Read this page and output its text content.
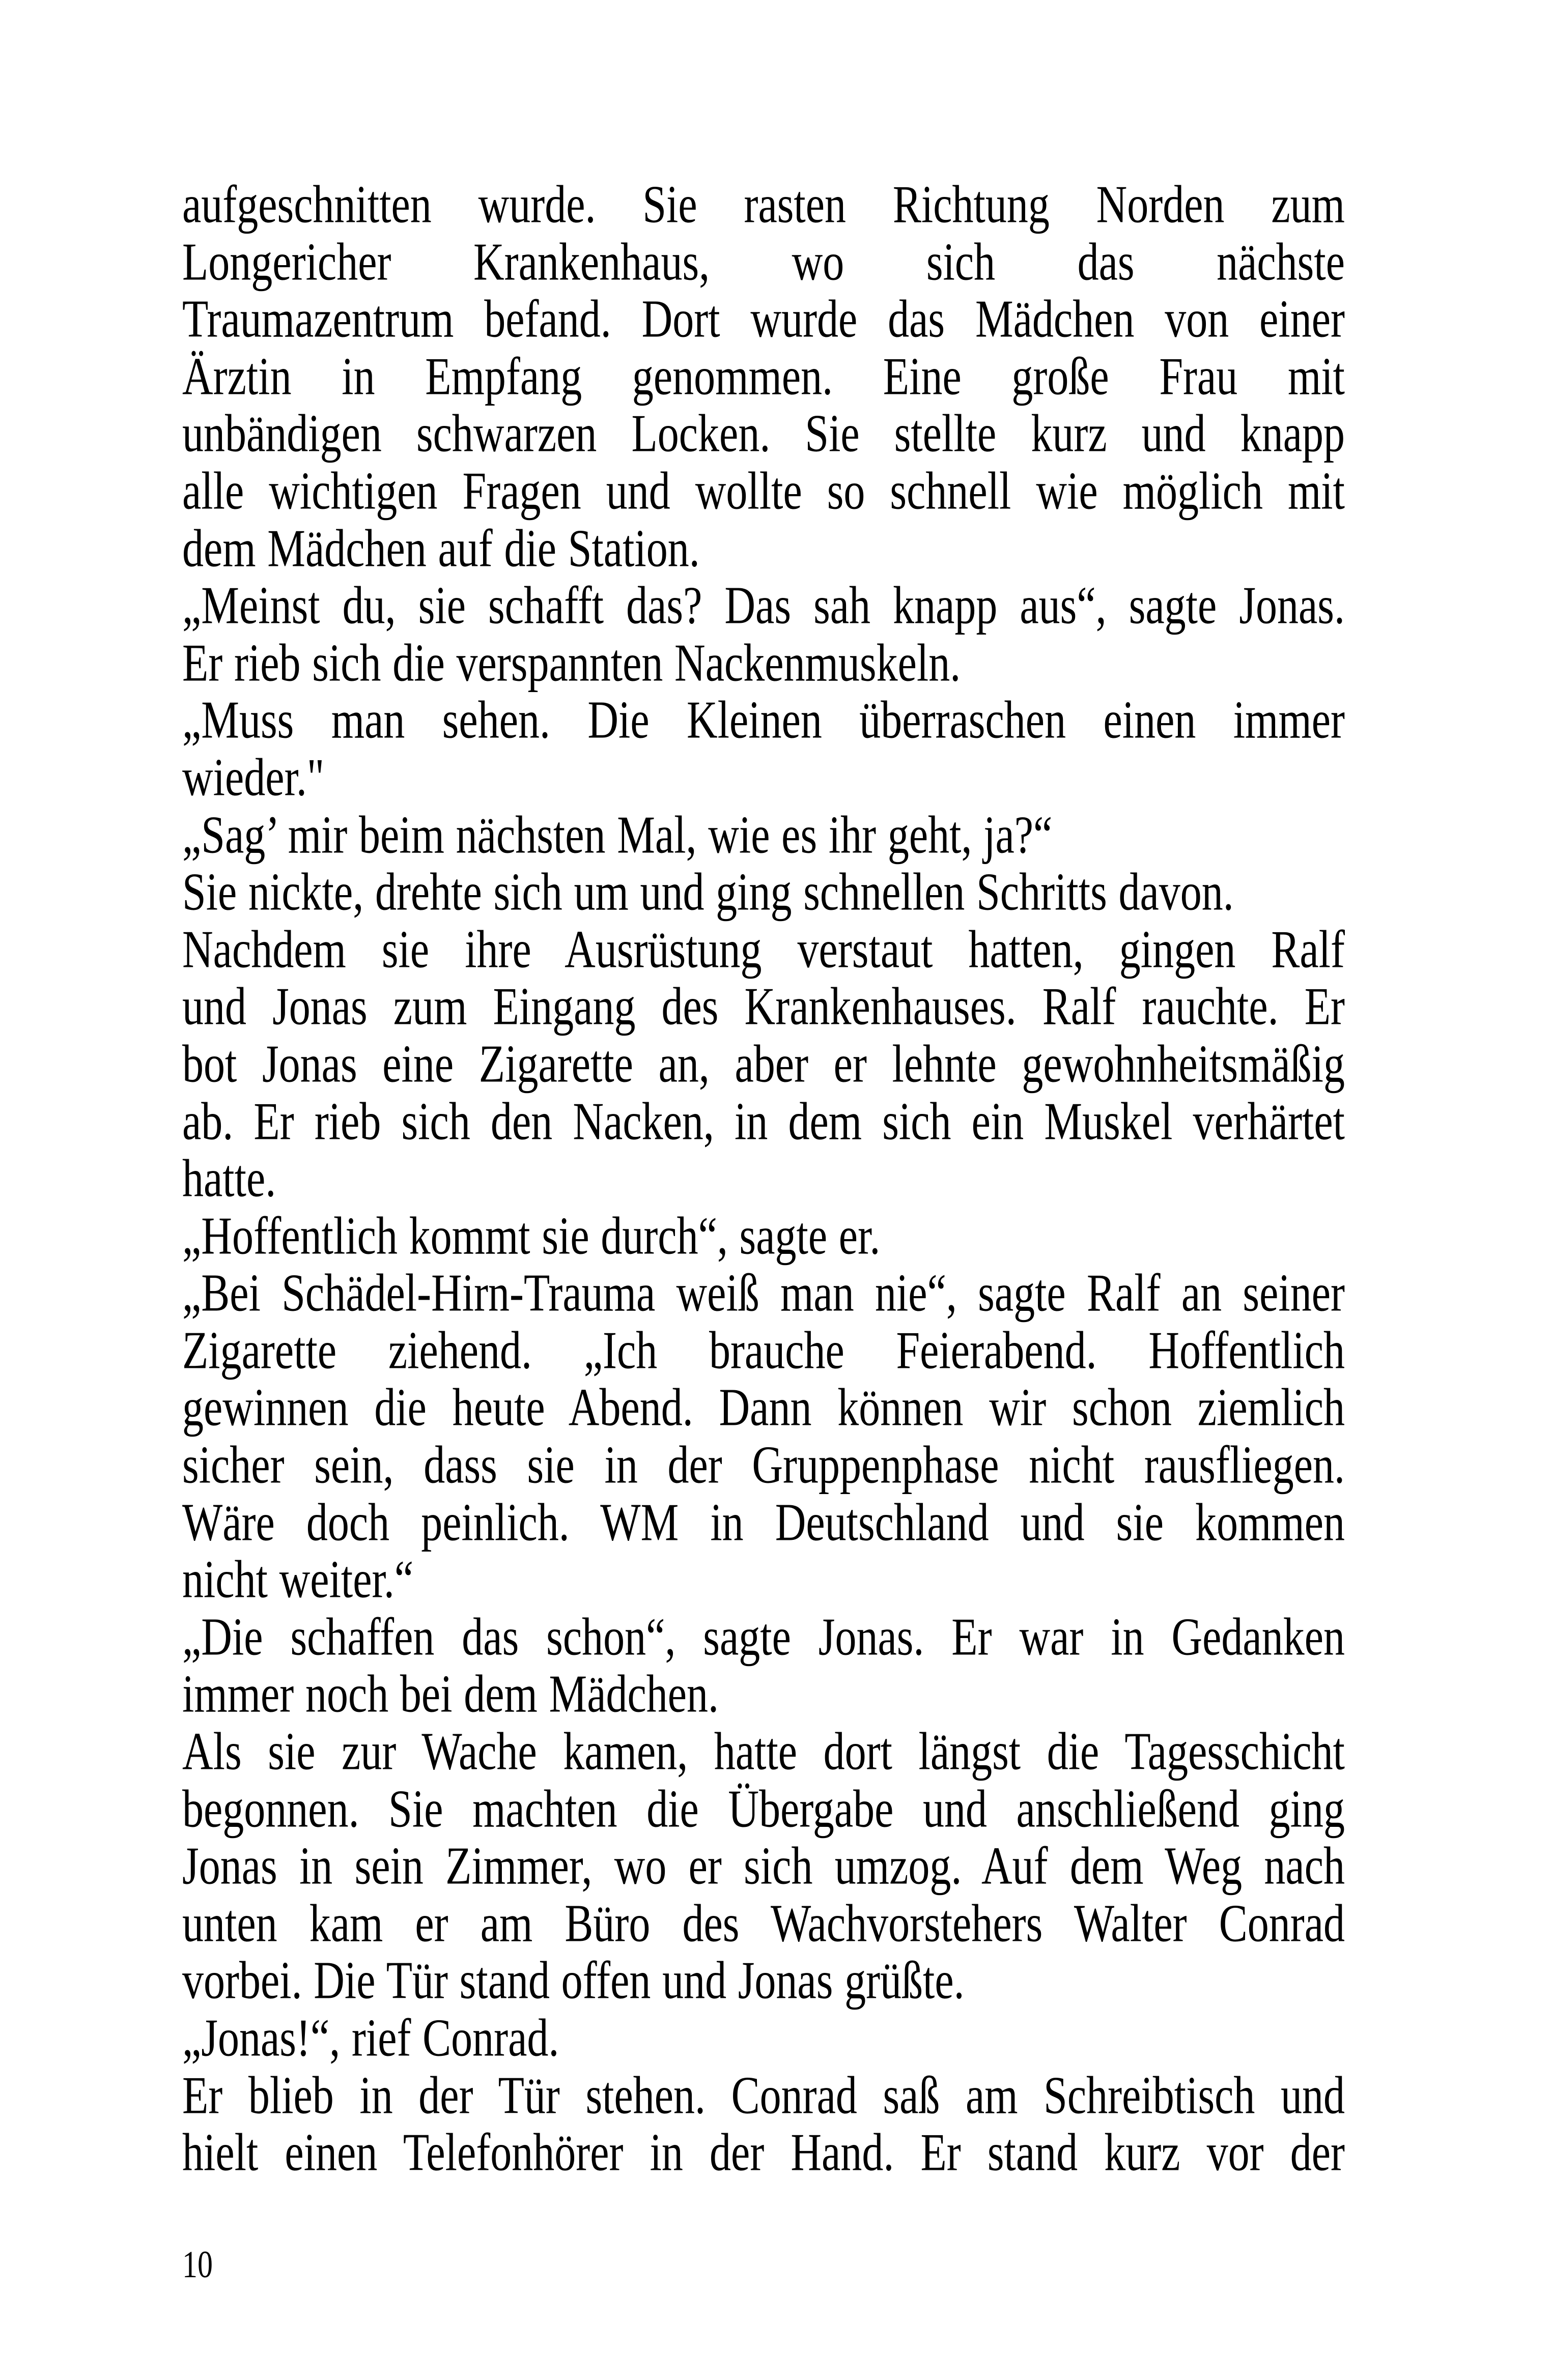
aufgeschnitten wurde. Sie rasten Richtung Norden zum
Longericher Krankenhaus, wo sich das nächste
Traumazentrum befand. Dort wurde das Mädchen von einer
Ärztin in Empfang genommen. Eine große Frau mit
unbändigen schwarzen Locken. Sie stellte kurz und knapp
alle wichtigen Fragen und wollte so schnell wie möglich mit
dem Mädchen auf die Station.
„Meinst du, sie schafft das? Das sah knapp aus“, sagte Jonas.
Er rieb sich die verspannten Nackenmuskeln.
„Muss man sehen. Die Kleinen überraschen einen immer
wieder."
„Sag’ mir beim nächsten Mal, wie es ihr geht, ja?“
Sie nickte, drehte sich um und ging schnellen Schritts davon.
Nachdem sie ihre Ausrüstung verstaut hatten, gingen Ralf
und Jonas zum Eingang des Krankenhauses. Ralf rauchte. Er
bot Jonas eine Zigarette an, aber er lehnte gewohnheitsmäßig
ab. Er rieb sich den Nacken, in dem sich ein Muskel verhärtet
hatte.
„Hoffentlich kommt sie durch“, sagte er.
„Bei Schädel-Hirn-Trauma weiß man nie“, sagte Ralf an seiner
Zigarette ziehend. „Ich brauche Feierabend. Hoffentlich
gewinnen die heute Abend. Dann können wir schon ziemlich
sicher sein, dass sie in der Gruppenphase nicht rausfliegen.
Wäre doch peinlich. WM in Deutschland und sie kommen
nicht weiter.“
„Die schaffen das schon“, sagte Jonas. Er war in Gedanken
immer noch bei dem Mädchen.
Als sie zur Wache kamen, hatte dort längst die Tagesschicht
begonnen. Sie machten die Übergabe und anschließend ging
Jonas in sein Zimmer, wo er sich umzog. Auf dem Weg nach
unten kam er am Büro des Wachvorstehers Walter Conrad
vorbei. Die Tür stand offen und Jonas grüßte.
„Jonas!“, rief Conrad.
Er blieb in der Tür stehen. Conrad saß am Schreibtisch und
hielt einen Telefonhörer in der Hand. Er stand kurz vor der
10
